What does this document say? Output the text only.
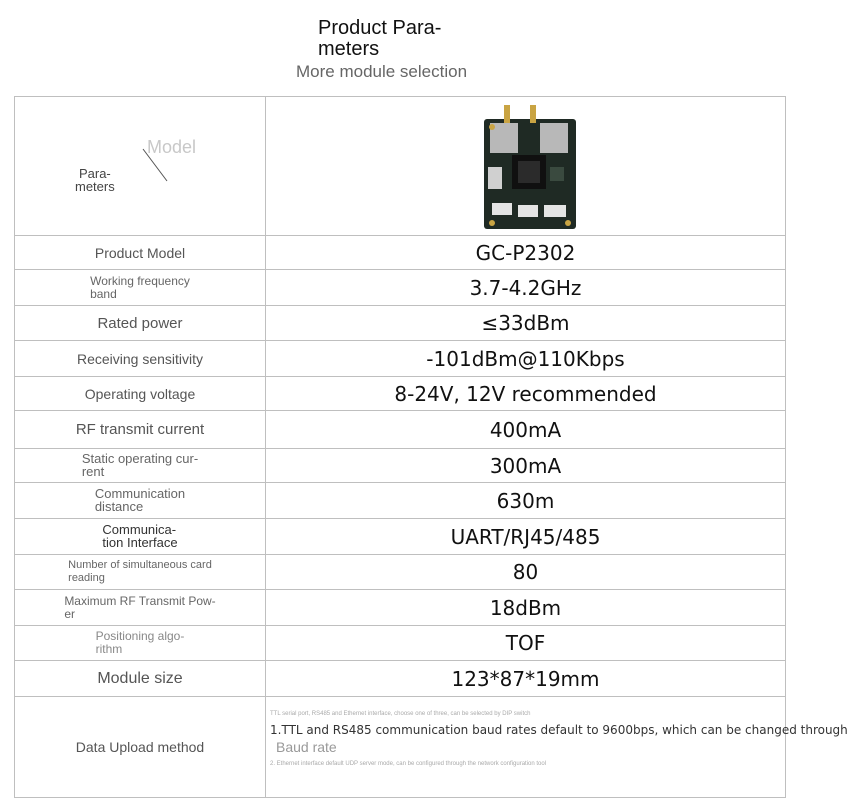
Product Para-
meters
More module selection
Model
Para-
meters

Product Model	GC-P2302
Working frequency
band	3.7-4.2GHz
Rated power	≤33dBm
Receiving sensitivity	-101dBm@110Kbps
Operating voltage	8-24V, 12V recommended
RF transmit current	400mA
Static operating cur-
rent	300mA
Communication
distance	630m
Communica-
tion Interface	UART/RJ45/485
Number of simultaneous card
reading	80
Maximum RF Transmit Pow-
er	18dBm
Positioning algo-
rithm	TOF
Module size	123*87*19mm
Data Upload method	TTL serial port, RS485 and Ethernet interface, choose one of three, can be selected by DIP switch
1.TTL and RS485 communication baud rates default to 9600bps, which can be changed through
Baud rate
2. Ethernet interface default UDP server mode, can be configured through the network configuration tool
